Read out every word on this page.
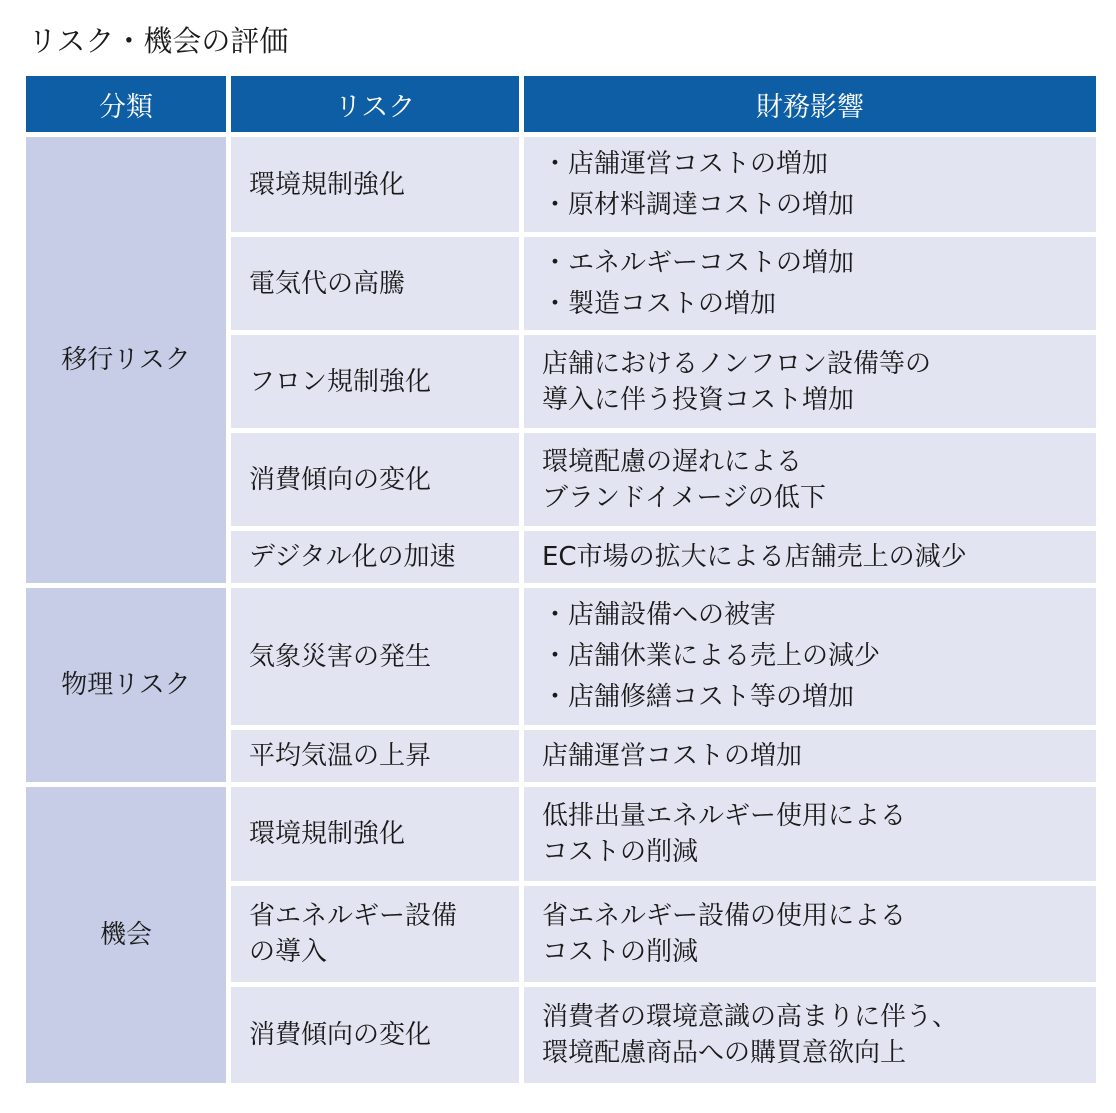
リスク・機会の評価
分類	リスク	財務影響
移行リスク	環境規制強化	・店舗運営コストの増加
・原材料調達コストの増加

	電気代の高騰	・エネルギーコストの増加
・製造コストの増加

	フロン規制強化	店舗におけるノンフロン設備等の
導入に伴う投資コスト増加

	消費傾向の変化	環境配慮の遅れによる
ブランドイメージの低下

	デジタル化の加速	EC市場の拡大による店舗売上の減少

物理リスク	気象災害の発生	・店舗設備への被害
・店舗休業による売上の減少
・店舗修繕コスト等の増加

	平均気温の上昇	店舗運営コストの増加

機会	環境規制強化	低排出量エネルギー使用による
コストの削減

	省エネルギー設備
の導入	省エネルギー設備の使用による
コストの削減

	消費傾向の変化	消費者の環境意識の高まりに伴う、
環境配慮商品への購買意欲向上
